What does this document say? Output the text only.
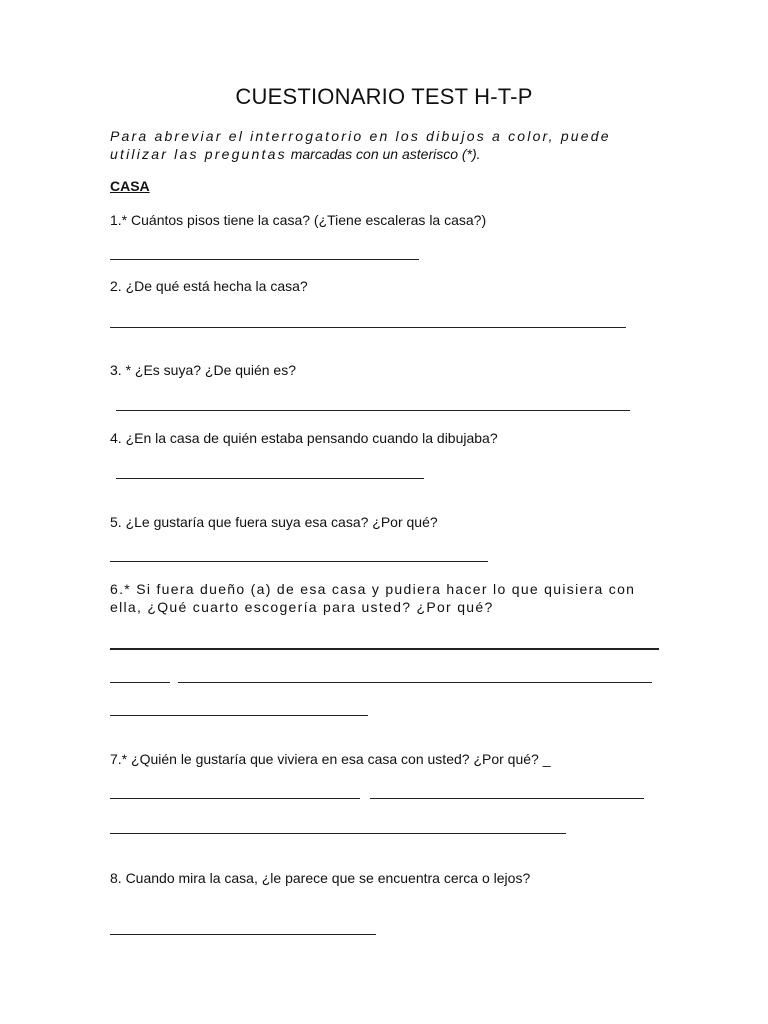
CUESTIONARIO TEST H-T-P
Para abreviar el interrogatorio en los dibujos a color, puede utilizar las preguntas marcadas con un asterisco (*).
CASA
1.* Cuántos pisos tiene la casa? (¿Tiene escaleras la casa?)
2. ¿De qué está hecha la casa?
3. * ¿Es suya? ¿De quién es?
4. ¿En la casa de quién estaba pensando cuando la dibujaba?
5. ¿Le gustaría que fuera suya esa casa? ¿Por qué?
6.* Si fuera dueño (a) de esa casa y pudiera hacer lo que quisiera con ella, ¿Qué cuarto escogería para usted? ¿Por qué?
7.* ¿Quién le gustaría que viviera en esa casa con usted? ¿Por qué? _
8. Cuando mira la casa, ¿le parece que se encuentra cerca o lejos?
